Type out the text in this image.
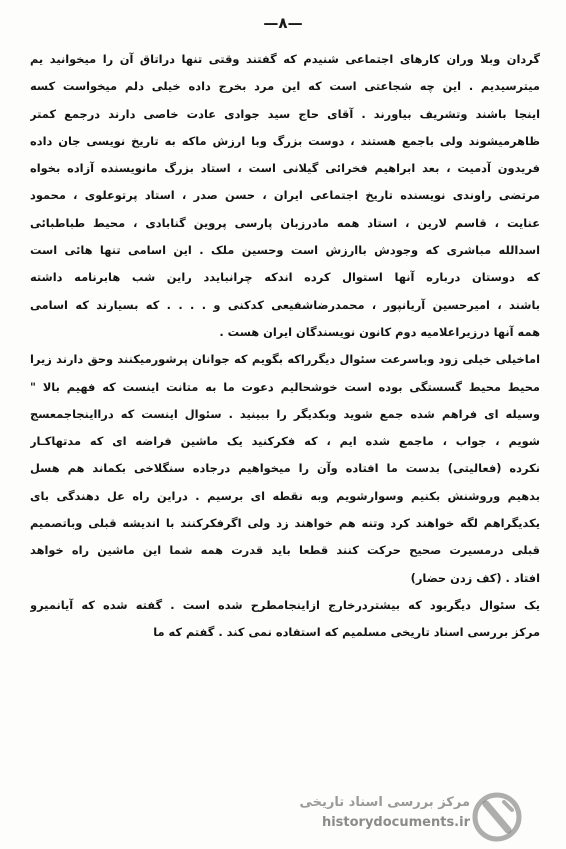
—۸—
گردان وبلا وران کارهای اجتماعی شنیدم که گفتند وقتی تنها دراتاق آن را میخوانید یم
میترسیدیم . این چه شجاعتی است که این مرد بخرج داده خیلی دلم میخواست کسه
اینجا باشند وتشریف بیاورند . آقای حاج سید جوادی عادت خاصی دارند درجمع کمتر
ظاهرمیشوند ولی باجمع هستند ، دوست بزرگ وبا ارزش ماکه به تاریخ نویسی جان داده
فریدون آدمیت ، بعد ابراهیم فخرائی گیلانی است ، استاد بزرگ مانویسنده آزاده بخواه
مرتضی راوندی نویسنده تاریخ اجتماعی ایران ، حسن صدر ، استاد پرتوعلوی ، محمود
عنایت ، قاسم لارین ، استاد همه مادرزبان پارسی پروین گنابادی ، محیط طباطبائی
اسدالله مباشری که وجودش باارزش است وحسین ملک . این اسامی تنها هائی است
که دوستان درباره آنها استوال کرده اندکه چرانبایدد راین شب هابرنامه داشته
باشند ، امیرحسین آریانپور ، محمدرضاشفیعی کدکنی و . . . . که بسیارند که اسامی
همه آنها درزیراعلامیه دوم کانون نویسندگان ایران هست .
اماخیلی خیلی زود وباسرعت سئوال دیگرراکه بگویم که جوانان پرشورمیکنند وحق دارند زیرا
محیط محیط گسستگی بوده است خوشحالیم دعوت ما به متانت اینست که فهیم بالا "
وسیله ای فراهم شده جمع شوید وبکدیگر را ببینید . سئوال اینست که درااینجاجمعسج
شویم ، جواب ، ماجمع شده ایم ، که فکرکنید یک ماشین فراضه ای که مدتهاکـار
نکرده (فعالیتی) بدست ما افتاده وآن را میخواهیم درجاده سنگلاخی بکماند هم هسل
بدهیم وروشنش بکنیم وسوارشویم وبه نقطه ای برسیم . دراین راه عل دهندگی بای
یکدیگراهم لگه خواهند کرد وتنه هم خواهند زد ولی اگرفکرکنند با اندیشه قبلی وباتصمیم
قبلی درمسیرت صحیح حرکت کنند قطعا باید قدرت همه شما این ماشین راه خواهد
افتاد . (کف زدن حضار)
یک سئوال دیگربود که بیشتردرخارج ازاینجامطرح شده است . گفته شده که آیانمیرو
مرکز بررسی اسناد تاریخی مسلمیم که استفاده نمی کند . گفتم که ما
مرکز بررسی اسناد تاریخی
historydocuments.ir
